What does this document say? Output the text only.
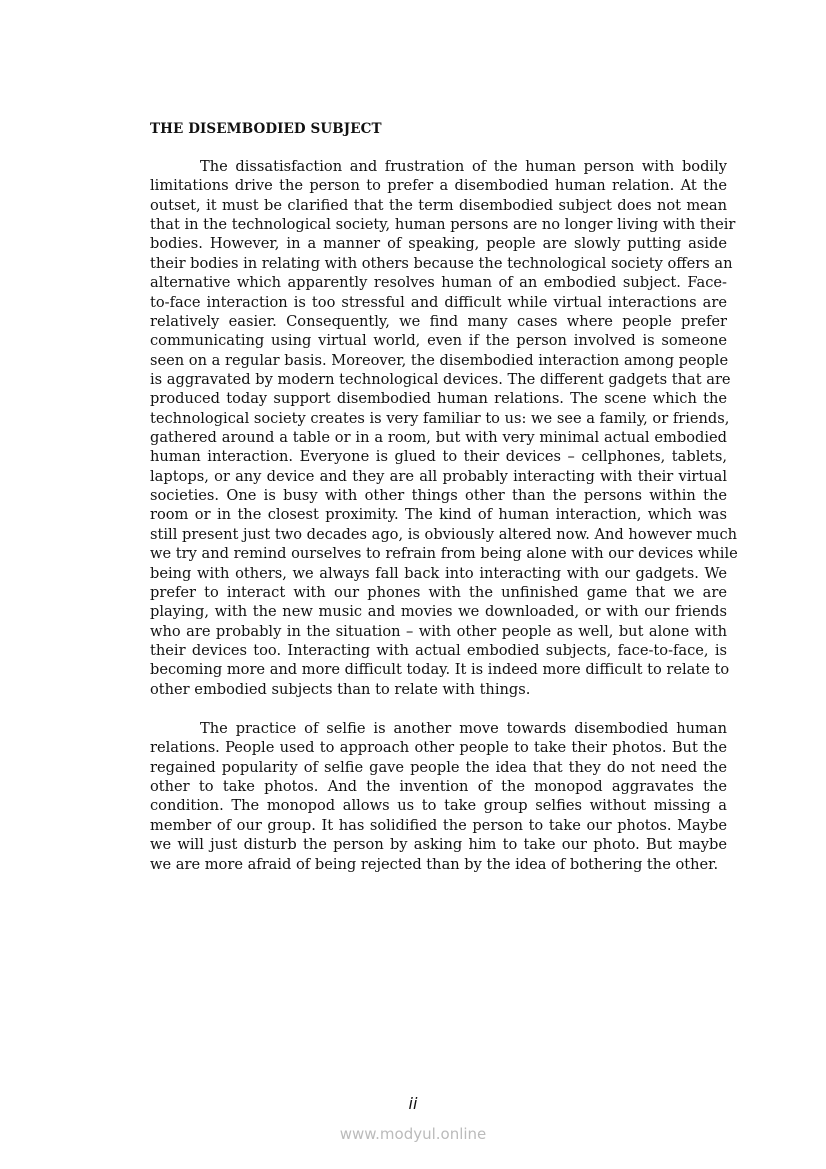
THE DISEMBODIED SUBJECT
The dissatisfaction and frustration of the human person with bodily
limitations drive the person to prefer a disembodied human relation. At the
outset, it must be clarified that the term disembodied subject does not mean
that in the technological society, human persons are no longer living with their
bodies. However, in a manner of speaking, people are slowly putting aside
their bodies in relating with others because the technological society offers an
alternative which apparently resolves human of an embodied subject. Face-
to-face interaction is too stressful and difficult while virtual interactions are
relatively easier. Consequently, we find many cases where people prefer
communicating using virtual world, even if the person involved is someone
seen on a regular basis. Moreover, the disembodied interaction among people
is aggravated by modern technological devices. The different gadgets that are
produced today support disembodied human relations. The scene which the
technological society creates is very familiar to us: we see a family, or friends,
gathered around a table or in a room, but with very minimal actual embodied
human interaction. Everyone is glued to their devices – cellphones, tablets,
laptops, or any device and they are all probably interacting with their virtual
societies. One is busy with other things other than the persons within the
room or in the closest proximity. The kind of human interaction, which was
still present just two decades ago, is obviously altered now. And however much
we try and remind ourselves to refrain from being alone with our devices while
being with others, we always fall back into interacting with our gadgets. We
prefer to interact with our phones with the unfinished game that we are
playing, with the new music and movies we downloaded, or with our friends
who are probably in the situation – with other people as well, but alone with
their devices too. Interacting with actual embodied subjects, face-to-face, is
becoming more and more difficult today. It is indeed more difficult to relate to
other embodied subjects than to relate with things.
The practice of selfie is another move towards disembodied human
relations. People used to approach other people to take their photos. But the
regained popularity of selfie gave people the idea that they do not need the
other to take photos. And the invention of the monopod aggravates the
condition. The monopod allows us to take group selfies without missing a
member of our group. It has solidified the person to take our photos. Maybe
we will just disturb the person by asking him to take our photo. But maybe
we are more afraid of being rejected than by the idea of bothering the other.
ii
www.modyul.online
